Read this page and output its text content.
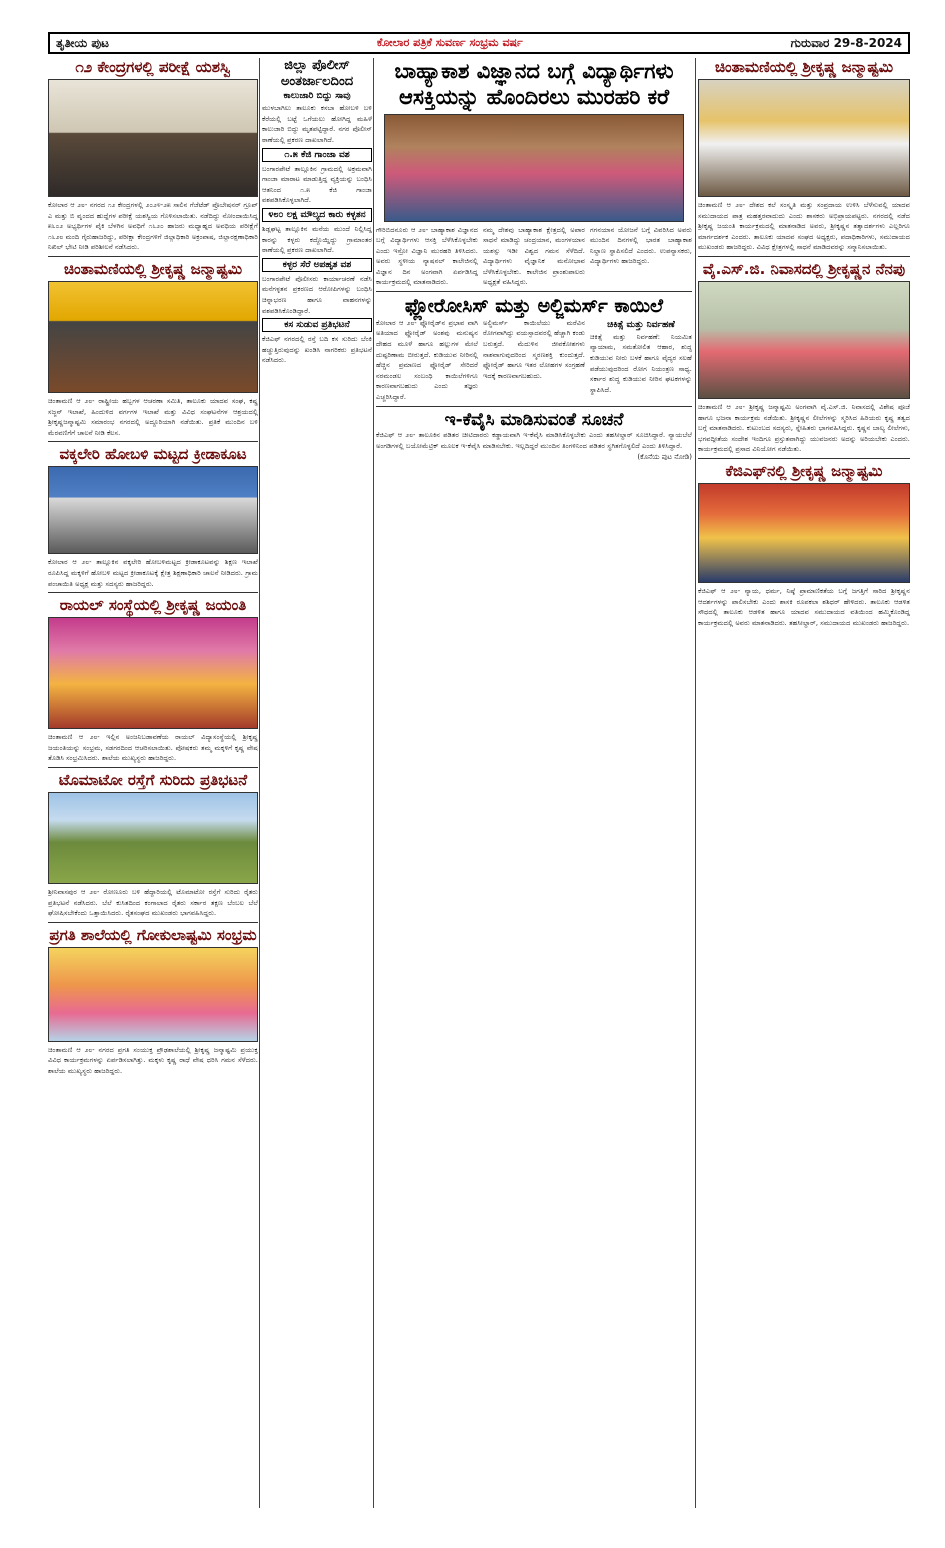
ತೃತೀಯ ಪುಟ	ಕೋಲಾರ ಪತ್ರಿಕೆ ಸುವರ್ಣ ಸಂಭ್ರಮ ವರ್ಷ	ಗುರುವಾರ 29-8-2024
೧೨ ಕೇಂದ್ರಗಳಲ್ಲಿ ಪರೀಕ್ಷೆ ಯಶಸ್ವಿ
ಕೋಲಾರ ಆ ೨೮- ನಗರದ ೧೨ ಕೇಂದ್ರಗಳಲ್ಲಿ ೨೦೨೪-೨೫ ಸಾಲಿನ ಗೆಜೆಟೆಡ್ ಪ್ರೊಬೇಷನರ್ ಗ್ರೂಪ್ ಎ ಮತ್ತು ಬಿ ವೃಂದದ ಹುದ್ದೆಗಳ ಪರೀಕ್ಷೆ ಯಶಸ್ವಿಯ ಗೊಳಿಸಲಾಯಿತು. ನಡೆದಿದ್ದು ನೋಂದಾಯಿಸಿದ್ದ ೫೬೦೨ ಅಭ್ಯರ್ಥಿಗಳ ಪೈಕಿ ಬೆಳಗಿನ ಅವಧಿಗೆ ೧೬೨೦ ಹಾಜರು ಮಧ್ಯಾಹ್ನದ ಅವಧಿಯ ಪರೀಕ್ಷೆಗೆ ೧೬೨೮ ಮಂದಿ ಗೈರುಹಾಜರಿದ್ದು, ಪರೀಕ್ಷಾ ಕೇಂದ್ರಗಳಿಗೆ ಜಿಲ್ಲಾಧಿಕಾರಿ ಅಕ್ರಂಪಾಷ, ಜಿಲ್ಲಾರಕ್ಷಣಾಧಿಕಾರಿ ನಿಖಿಲ್ ಭೇಟಿ ನೀಡಿ ಪರಿಶೀಲನೆ ನಡೆಸಿದರು.
ಚಿಂತಾಮಣಿಯಲ್ಲಿ ಶ್ರೀಕೃಷ್ಣ ಜನ್ಮಾಷ್ಟಮಿ
ಚಿಂತಾಮಣಿ ಆ ೨೮- ರಾಷ್ಟ್ರೀಯ ಹಬ್ಬಗಳ ಆಚರಣಾ ಸಮಿತಿ, ತಾಲೂಕು ಯಾದವ ಸಂಘ, ಕಷ್ಣ ಸಜ್ಜನ್ ಇಲಾಖೆ, ಹಿಂದುಳಿದ ವರ್ಗಗಳ ಇಲಾಖೆ ಮತ್ತು ವಿವಿಧ ಸಂಘಟನೆಗಳ ಆಶ್ರಯದಲ್ಲಿ ಶ್ರೀಕೃಷ್ಣಜನ್ಮಾಷ್ಟಮಿ ಸಮಾರಂಭ ನಗರದಲ್ಲಿ ಅದ್ದೂರಿಯಾಗಿ ನಡೆಯಿತು. ಪ್ರತಿಕೆ ಮುಂದಿನ ಬಳಿ ಮೆರವಣಿಗೆಗೆ ಚಾಲನೆ ನೀಡಿ ಕೆಲಸ.
ವಕ್ಕಲೇರಿ ಹೋಬಳಿ ಮಟ್ಟದ ಕ್ರೀಡಾಕೂಟ
ಕೋಲಾರ ಆ ೨೮- ತಾಲ್ಲೂಕಿನ ವಕ್ಕಲೇರಿ ಹೋಬಳಿಮಟ್ಟದ ಕ್ರೀಡಾಕೂಟವನ್ನು ಶಿಕ್ಷಣ ಇಲಾಖೆ ರೂಪಿಸಿದ್ದ ಮಕ್ಕಳಿಗೆ ಹೋಬಳಿ ಮಟ್ಟದ ಕ್ರೀಡಾಕೂಟಕ್ಕೆ ಕ್ಷೇತ್ರ ಶಿಕ್ಷಣಾಧಿಕಾರಿ ಚಾಲನೆ ನೀಡಿದರು. ಗ್ರಾಮ ಪಂಚಾಯಿತಿ ಅಧ್ಯಕ್ಷ ಮತ್ತು ಸದಸ್ಯರು ಹಾಜರಿದ್ದರು.
ರಾಯಲ್ ಸಂಸ್ಥೆಯಲ್ಲಿ ಶ್ರೀಕೃಷ್ಣ ಜಯಂತಿ
ಚಿಂತಾಮಣಿ ಆ ೨೮- ಇಲ್ಲಿನ ಅಂಜನಿಬಡಾವಣೆಯ ರಾಯಲ್ ವಿದ್ಯಾಸಂಸ್ಥೆಯಲ್ಲಿ ಶ್ರೀಕೃಷ್ಣ ಜಯಂತಿಯನ್ನು ಸಂಭ್ರಮ, ಸಡಗರದಿಂದ ಆಚರಿಸಲಾಯಿತು. ಪೋಷಕರು ತಮ್ಮ ಮಕ್ಕಳಿಗೆ ಕೃಷ್ಣ ವೇಷ ತೊಡಿಸಿ ಸಂಭ್ರಮಿಸಿದರು. ಶಾಲೆಯ ಮುಖ್ಯಸ್ಥರು ಹಾಜರಿದ್ದರು.
ಟೊಮಾಟೋ ರಸ್ತೆಗೆ ಸುರಿದು ಪ್ರತಿಭಟನೆ
ಶ್ರೀನಿವಾಸಪುರ ಆ ೨೮- ರೋಣೂರು ಬಳಿ ಹೆದ್ದಾರಿಯಲ್ಲಿ ಟೊಮಾಟೋ ರಸ್ತೆಗೆ ಸುರಿದು ರೈತರು ಪ್ರತಿಭಟನೆ ನಡೆಸಿದರು. ಬೆಲೆ ಕುಸಿತದಿಂದ ಕಂಗಾಲಾದ ರೈತರು ಸರ್ಕಾರ ತಕ್ಷಣ ಬೆಂಬಲ ಬೆಲೆ ಘೋಷಿಸಬೇಕೆಂದು ಒತ್ತಾಯಿಸಿದರು. ರೈತಸಂಘದ ಮುಖಂಡರು ಭಾಗವಹಿಸಿದ್ದರು.
ಪ್ರಗತಿ ಶಾಲೆಯಲ್ಲಿ ಗೋಕುಲಾಷ್ಟಮಿ ಸಂಭ್ರಮ
ಚಿಂತಾಮಣಿ ಆ ೨೮- ನಗರದ ಪ್ರಗತಿ ಸಂಯುಕ್ತ ಪ್ರೌಢಶಾಲೆಯಲ್ಲಿ ಶ್ರೀಕೃಷ್ಣ ಜನ್ಮಾಷ್ಟಮಿ ಪ್ರಯುಕ್ತ ವಿವಿಧ ಕಾರ್ಯಕ್ರಮಗಳನ್ನು ಏರ್ಪಡಿಸಲಾಗಿತ್ತು. ಮಕ್ಕಳು ಕೃಷ್ಣ ರಾಧೆ ವೇಷ ಧರಿಸಿ ಗಮನ ಸೆಳೆದರು. ಶಾಲೆಯ ಮುಖ್ಯಸ್ಥರು ಹಾಜರಿದ್ದರು.
ಜಿಲ್ಲಾ ಪೊಲೀಸ್ ಅಂತರ್ಜಾಲದಿಂದ
ಕಾಲುಜಾರಿ ಬಿದ್ದು ಸಾವು
ಮುಳಬಾಗಿಲು ತಾಲೂಕು ಕಸಬಾ ಹೋಬಳಿ ಬಳಿ ಕೆರೆಯಲ್ಲಿ ಬಟ್ಟೆ ಒಗೆಯಲು ಹೋಗಿದ್ದ ಮಹಿಳೆ ಕಾಲುಜಾರಿ ಬಿದ್ದು ಮೃತಪಟ್ಟಿದ್ದಾರೆ. ನಗರ ಪೊಲೀಸ್ ಠಾಣೆಯಲ್ಲಿ ಪ್ರಕರಣ ದಾಖಲಾಗಿದೆ.
೧.೫ ಕೆಜಿ ಗಾಂಜಾ ವಶ
ಬಂಗಾರಪೇಟೆ ತಾಲ್ಲೂಕಿನ ಗ್ರಾಮದಲ್ಲಿ ಅಕ್ರಮವಾಗಿ ಗಾಂಜಾ ಮಾರಾಟ ಮಾಡುತ್ತಿದ್ದ ವ್ಯಕ್ತಿಯನ್ನು ಬಂಧಿಸಿ ಆತನಿಂದ ೧.೫ ಕೆಜಿ ಗಾಂಜಾ ವಶಪಡಿಸಿಕೊಳ್ಳಲಾಗಿದೆ.
೪೮೦ ಲಕ್ಷ ಮೌಲ್ಯದ ಕಾರು ಕಳ್ಳತನ
ಶಿಡ್ಲಘಟ್ಟ ತಾಲ್ಲೂಕಿನ ಮನೆಯ ಮುಂದೆ ನಿಲ್ಲಿಸಿದ್ದ ಕಾರನ್ನು ಕಳ್ಳರು ಕದ್ದೊಯ್ದಿದ್ದು ಗ್ರಾಮಾಂತರ ಠಾಣೆಯಲ್ಲಿ ಪ್ರಕರಣ ದಾಖಲಾಗಿದೆ.
ಕಳ್ಳರ ಸೆರೆ ಅಪಹೃತ ವಶ
ಬಂಗಾರಪೇಟೆ ಪೊಲೀಸರು ಕಾರ್ಯಾಚರಣೆ ನಡೆಸಿ ಮನೆಗಳ್ಳತನ ಪ್ರಕರಣದ ಆರೋಪಿಗಳನ್ನು ಬಂಧಿಸಿ ಚಿನ್ನಾಭರಣ ಹಾಗೂ ವಾಹನಗಳನ್ನು ವಶಪಡಿಸಿಕೊಂಡಿದ್ದಾರೆ.
ಕಸ ಸುಡುವ ಪ್ರತಿಭಟನೆ
ಕೆಜಿಎಫ್ ನಗರದಲ್ಲಿ ರಸ್ತೆ ಬದಿ ಕಸ ಸುರಿದು ಬೆಂಕಿ ಹಚ್ಚುತ್ತಿರುವುದನ್ನು ಖಂಡಿಸಿ ನಾಗರಿಕರು ಪ್ರತಿಭಟನೆ ನಡೆಸಿದರು.
ಬಾಹ್ಯಾಕಾಶ ವಿಜ್ಞಾನದ ಬಗ್ಗೆ ವಿದ್ಯಾರ್ಥಿಗಳು ಆಸಕ್ತಿಯನ್ನು ಹೊಂದಿರಲು ಮುರಹರಿ ಕರೆ
ಗೌರಿಬಿದನೂರು ಆ ೨೮- ಬಾಹ್ಯಾಕಾಶ ವಿಜ್ಞಾನದ ಬಗ್ಗೆ ವಿದ್ಯಾರ್ಥಿಗಳು ಆಸಕ್ತಿ ಬೆಳೆಸಿಕೊಳ್ಳಬೇಕು ಎಂದು ಇಸ್ರೋ ವಿಜ್ಞಾನಿ ಮುರಹರಿ ತಿಳಿಸಿದರು. ಅವರು ಸ್ಥಳೀಯ ನ್ಯಾಷನಲ್ ಕಾಲೇಜಿನಲ್ಲಿ ವಿಜ್ಞಾನ ದಿನ ಅಂಗವಾಗಿ ಏರ್ಪಡಿಸಿದ್ದ ಕಾರ್ಯಕ್ರಮದಲ್ಲಿ ಮಾತನಾಡಿದರು.
ನಮ್ಮ ದೇಶವು ಬಾಹ್ಯಾಕಾಶ ಕ್ಷೇತ್ರದಲ್ಲಿ ಅಪಾರ ಸಾಧನೆ ಮಾಡಿದ್ದು ಚಂದ್ರಯಾನ, ಮಂಗಳಯಾನ ಯಶಸ್ಸು ಇಡೀ ವಿಶ್ವದ ಗಮನ ಸೆಳೆದಿದೆ. ವಿದ್ಯಾರ್ಥಿಗಳು ವೈಜ್ಞಾನಿಕ ಮನೋಭಾವ ಬೆಳೆಸಿಕೊಳ್ಳಬೇಕು. ಕಾಲೇಜಿನ ಪ್ರಾಂಶುಪಾಲರು ಅಧ್ಯಕ್ಷತೆ ವಹಿಸಿದ್ದರು.
ಗಗನಯಾನ ಯೋಜನೆ ಬಗ್ಗೆ ವಿವರಿಸಿದ ಅವರು ಮುಂದಿನ ದಿನಗಳಲ್ಲಿ ಭಾರತ ಬಾಹ್ಯಾಕಾಶ ನಿಲ್ದಾಣ ಸ್ಥಾಪಿಸಲಿದೆ ಎಂದರು. ಉಪನ್ಯಾಸಕರು, ವಿದ್ಯಾರ್ಥಿಗಳು ಹಾಜರಿದ್ದರು.
ಫ್ಲೋರೋಸಿಸ್ ಮತ್ತು ಅಲ್ಜಿಮರ್ಸ್ ಕಾಯಿಲೆ
ಕೋಲಾರ ಆ ೨೮- ಫ್ಲೋರೈಡ್‌ನ ಪ್ರಭಾವ ವಾಗಿ ಅತಿಯಾದ ಫ್ಲೋರೈಡ್ ಅಂಶವು ಮನುಷ್ಯನ ದೇಹದ ಮೂಳೆ ಹಾಗೂ ಹಲ್ಲುಗಳ ಮೇಲೆ ದುಷ್ಪರಿಣಾಮ ಬೀರುತ್ತದೆ. ಕುಡಿಯುವ ನೀರಿನಲ್ಲಿ ಹೆಚ್ಚಿನ ಪ್ರಮಾಣದ ಫ್ಲೋರೈಡ್ ಸೇರಿದರೆ ನರಮಂಡಲ ಸಂಬಂಧಿ ಕಾಯಿಲೆಗಳಿಗೂ ಕಾರಣವಾಗಬಹುದು ಎಂದು ತಜ್ಞರು ಎಚ್ಚರಿಸಿದ್ದಾರೆ.
ಅಲ್ಜಿಮರ್ಸ್ ಕಾಯಿಲೆಯು ಮರೆವಿನ ರೋಗವಾಗಿದ್ದು ವಯಸ್ಸಾದವರಲ್ಲಿ ಹೆಚ್ಚಾಗಿ ಕಂಡು ಬರುತ್ತದೆ. ಮೆದುಳಿನ ಜೀವಕೋಶಗಳು ನಾಶವಾಗುವುದರಿಂದ ಸ್ಮರಣಶಕ್ತಿ ಕುಂದುತ್ತದೆ. ಫ್ಲೋರೈಡ್ ಹಾಗೂ ಇತರ ಲೋಹಗಳ ಸಂಗ್ರಹಣೆ ಇದಕ್ಕೆ ಕಾರಣವಾಗಬಹುದು.
ಚಿಕಿತ್ಸೆ ಮತ್ತು ನಿರ್ವಹಣೆ
ಚಿಕಿತ್ಸೆ ಮತ್ತು ನಿರ್ವಹಣೆ: ನಿಯಮಿತ ವ್ಯಾಯಾಮ, ಸಮತೋಲಿತ ಆಹಾರ, ಶುದ್ಧ ಕುಡಿಯುವ ನೀರು ಬಳಕೆ ಹಾಗೂ ವೈದ್ಯರ ಸಲಹೆ ಪಡೆಯುವುದರಿಂದ ರೋಗ ನಿಯಂತ್ರಣ ಸಾಧ್ಯ. ಸರ್ಕಾರ ಶುದ್ಧ ಕುಡಿಯುವ ನೀರಿನ ಘಟಕಗಳನ್ನು ಸ್ಥಾಪಿಸಿದೆ.
ಇ-ಕೆವೈಸಿ ಮಾಡಿಸುವಂತೆ ಸೂಚನೆ
ಕೆಜಿಎಫ್ ಆ ೨೮- ತಾಲೂಕಿನ ಪಡಿತರ ಚೀಟಿದಾರರು ಕಡ್ಡಾಯವಾಗಿ ಇ-ಕೆವೈಸಿ ಮಾಡಿಸಿಕೊಳ್ಳಬೇಕು ಎಂದು ತಹಸೀಲ್ದಾರ್ ಸೂಚಿಸಿದ್ದಾರೆ. ನ್ಯಾಯಬೆಲೆ ಅಂಗಡಿಗಳಲ್ಲಿ ಬಯೋಮೆಟ್ರಿಕ್ ಮೂಲಕ ಇ-ಕೆವೈಸಿ ಮಾಡಿಸಬೇಕು. ಇಲ್ಲದಿದ್ದರೆ ಮುಂದಿನ ತಿಂಗಳಿನಿಂದ ಪಡಿತರ ಸ್ಥಗಿತಗೊಳ್ಳಲಿದೆ ಎಂದು ತಿಳಿಸಿದ್ದಾರೆ.
(ಕೊನೆಯ ಪುಟ ನೋಡಿ)
ಚಿಂತಾಮಣಿಯಲ್ಲಿ ಶ್ರೀಕೃಷ್ಣ ಜನ್ಮಾಷ್ಟಮಿ
ಚಿಂತಾಮಣಿ ಆ ೨೮- ದೇಶದ ಕಲೆ ಸಂಸ್ಕೃತಿ ಮತ್ತು ಸಂಪ್ರದಾಯ ಉಳಿಸಿ ಬೆಳೆಸುವಲ್ಲಿ ಯಾದವ ಸಮುದಾಯದ ಪಾತ್ರ ಮಹತ್ತರವಾದುದು ಎಂದು ಶಾಸಕರು ಅಭಿಪ್ರಾಯಪಟ್ಟರು. ನಗರದಲ್ಲಿ ನಡೆದ ಶ್ರೀಕೃಷ್ಣ ಜಯಂತಿ ಕಾರ್ಯಕ್ರಮದಲ್ಲಿ ಮಾತನಾಡಿದ ಅವರು, ಶ್ರೀಕೃಷ್ಣನ ತತ್ವಾದರ್ಶಗಳು ಎಲ್ಲರಿಗೂ ಮಾರ್ಗದರ್ಶಕ ಎಂದರು. ತಾಲೂಕು ಯಾದವ ಸಂಘದ ಅಧ್ಯಕ್ಷರು, ಪದಾಧಿಕಾರಿಗಳು, ಸಮುದಾಯದ ಮುಖಂಡರು ಹಾಜರಿದ್ದರು. ವಿವಿಧ ಕ್ಷೇತ್ರಗಳಲ್ಲಿ ಸಾಧನೆ ಮಾಡಿದವರನ್ನು ಸನ್ಮಾನಿಸಲಾಯಿತು.
ವೈ.ಎಸ್.ಜಿ. ನಿವಾಸದಲ್ಲಿ ಶ್ರೀಕೃಷ್ಣನ ನೆನಪು
ಚಿಂತಾಮಣಿ ಆ ೨೮- ಶ್ರೀಕೃಷ್ಣ ಜನ್ಮಾಷ್ಟಮಿ ಅಂಗವಾಗಿ ವೈ.ಎಸ್.ಜಿ. ನಿವಾಸದಲ್ಲಿ ವಿಶೇಷ ಪೂಜೆ ಹಾಗೂ ಭಜನಾ ಕಾರ್ಯಕ್ರಮ ನಡೆಯಿತು. ಶ್ರೀಕೃಷ್ಣನ ಲೀಲೆಗಳನ್ನು ಸ್ಮರಿಸಿದ ಹಿರಿಯರು ಕೃಷ್ಣ ತತ್ವದ ಬಗ್ಗೆ ಮಾತನಾಡಿದರು. ಕುಟುಂಬದ ಸದಸ್ಯರು, ಸ್ನೇಹಿತರು ಭಾಗವಹಿಸಿದ್ದರು. ಕೃಷ್ಣನ ಬಾಲ್ಯ ಲೀಲೆಗಳು, ಭಗವದ್ಗೀತೆಯ ಸಂದೇಶ ಇಂದಿಗೂ ಪ್ರಸ್ತುತವಾಗಿದ್ದು ಯುವಜನರು ಅದನ್ನು ಅರಿಯಬೇಕು ಎಂದರು. ಕಾರ್ಯಕ್ರಮದಲ್ಲಿ ಪ್ರಸಾದ ವಿನಿಯೋಗ ನಡೆಯಿತು.
ಕೆಜಿಎಫ್‌ನಲ್ಲಿ ಶ್ರೀಕೃಷ್ಣ ಜನ್ಮಾಷ್ಟಮಿ
ಕೆಜಿಎಫ್ ಆ ೨೮- ನ್ಯಾಯ, ಧರ್ಮ, ನಿಷ್ಠೆ ಪ್ರಾಮಾಣಿಕತೆಯ ಬಗ್ಗೆ ಜಗತ್ತಿಗೆ ಸಾರಿದ ಶ್ರೀಕೃಷ್ಣನ ಆದರ್ಶಗಳನ್ನು ಪಾಲಿಸಬೇಕು ಎಂದು ಶಾಸಕಿ ರೂಪಕಲಾ ಶಶಿಧರ್ ಹೇಳಿದರು. ತಾಲೂಕು ಆಡಳಿತ ಸೌಧದಲ್ಲಿ ತಾಲೂಕು ಆಡಳಿತ ಹಾಗೂ ಯಾದವ ಸಮುದಾಯದ ವತಿಯಿಂದ ಹಮ್ಮಿಕೊಂಡಿದ್ದ ಕಾರ್ಯಕ್ರಮದಲ್ಲಿ ಅವರು ಮಾತನಾಡಿದರು. ತಹಸೀಲ್ದಾರ್, ಸಮುದಾಯದ ಮುಖಂಡರು ಹಾಜರಿದ್ದರು.
